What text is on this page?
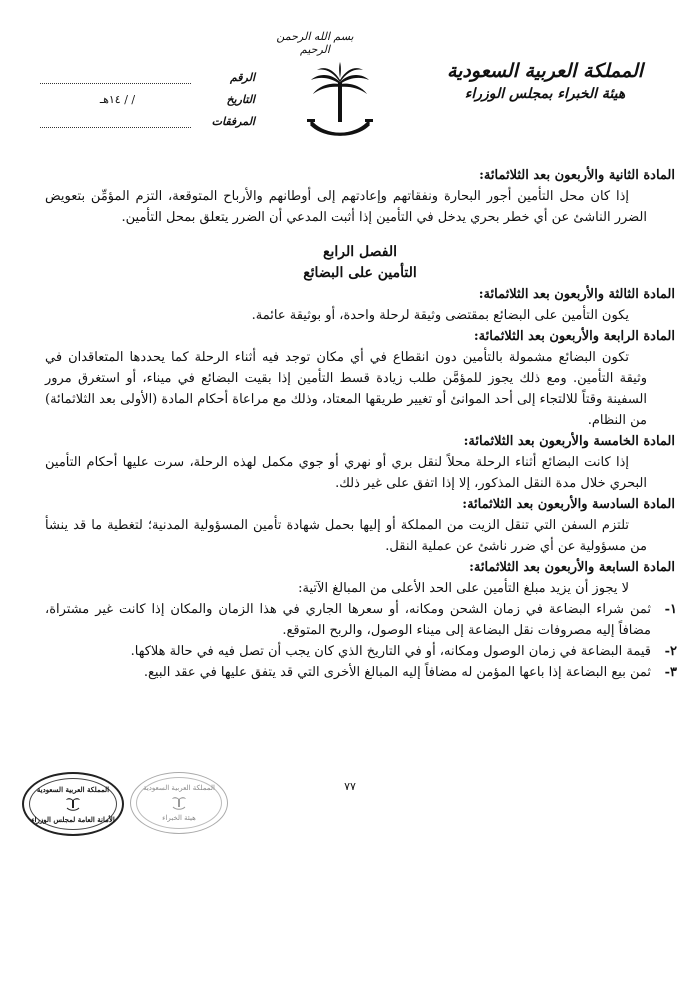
بسم الله الرحمن الرحيم
المملكة العربية السعودية
هيئة الخبراء بمجلس الوزراء
الرقم
التاريخ
/ / ١٤هـ
المرفقات

المادة الثانية والأربعون بعد الثلاثمائة:

إذا كان محل التأمين أجور البحارة ونفقاتهم وإعادتهم إلى أوطانهم والأرباح المتوقعة، التزم المؤمِّن بتعويض الضرر الناشئ عن أي خطر بحري يدخل في التأمين إذا أثبت المدعي أن الضرر يتعلق بمحل التأمين.

الفصل الرابع

التأمين على البضائع

المادة الثالثة والأربعون بعد الثلاثمائة:

يكون التأمين على البضائع بمقتضى وثيقة لرحلة واحدة، أو بوثيقة عائمة.

المادة الرابعة والأربعون بعد الثلاثمائة:

تكون البضائع مشمولة بالتأمين دون انقطاع في أي مكان توجد فيه أثناء الرحلة كما يحددها المتعاقدان في وثيقة التأمين. ومع ذلك يجوز للمؤمَّن طلب زيادة قسط التأمين إذا بقيت البضائع في ميناء، أو استغرق مرور السفينة وقتاً للالتجاء إلى أحد الموانئ أو تغيير طريقها المعتاد، وذلك مع مراعاة أحكام المادة (الأولى بعد الثلاثمائة) من النظام.

المادة الخامسة والأربعون بعد الثلاثمائة:

إذا كانت البضائع أثناء الرحلة محلاً لنقل بري أو نهري أو جوي مكمل لهذه الرحلة، سرت عليها أحكام التأمين البحري خلال مدة النقل المذكور، إلا إذا اتفق على غير ذلك.

المادة السادسة والأربعون بعد الثلاثمائة:

تلتزم السفن التي تنقل الزيت من المملكة أو إليها بحمل شهادة تأمين المسؤولية المدنية؛ لتغطية ما قد ينشأ من مسؤولية عن أي ضرر ناشئ عن عملية النقل.

المادة السابعة والأربعون بعد الثلاثمائة:

لا يجوز أن يزيد مبلغ التأمين على الحد الأعلى من المبالغ الآتية:

١-
ثمن شراء البضاعة في زمان الشحن ومكانه، أو سعرها الجاري في هذا الزمان والمكان إذا كانت غير مشتراة، مضافاً إليه مصروفات نقل البضاعة إلى ميناء الوصول، والربح المتوقع.
٢-
قيمة البضاعة في زمان الوصول ومكانه، أو في التاريخ الذي كان يجب أن تصل فيه في حالة هلاكها.
٣-
ثمن بيع البضاعة إذا باعها المؤمن له مضافاً إليه المبالغ الأخرى التي قد يتفق عليها في عقد البيع.
٧٧
المملكة العربية السعودية
الأمانة العامة لمجلس الوزراء
المملكة العربية السعودية
هيئة الخبراء
